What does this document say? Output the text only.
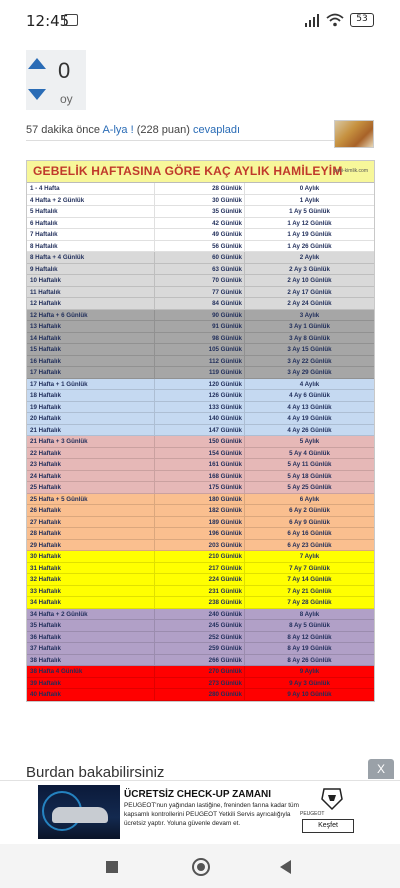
12:45	53
0
oy
57 dakika önce A-lya ! (228 puan) cevapladı
GEBELİK HAFTASINA GÖRE KAÇ AYLIK HAMİLEYİM
yeni-kimlik.com
1 - 4 Hafta	28 Günlük	0 Aylık
4 Hafta + 2 Günlük	30 Günlük	1 Aylık
5 Haftalık	35 Günlük	1 Ay 5 Günlük
6 Haftalık	42 Günlük	1 Ay 12 Günlük
7 Haftalık	49 Günlük	1 Ay 19 Günlük
8 Haftalık	56 Günlük	1 Ay 26 Günlük
8 Hafta + 4 Günlük	60 Günlük	2 Aylık
9 Haftalık	63 Günlük	2 Ay 3 Günlük
10 Haftalık	70 Günlük	2 Ay 10 Günlük
11 Haftalık	77 Günlük	2 Ay 17 Günlük
12 Haftalık	84 Günlük	2 Ay 24 Günlük
12 Hafta + 6 Günlük	90 Günlük	3 Aylık
13 Haftalık	91 Günlük	3 Ay 1 Günlük
14 Haftalık	98 Günlük	3 Ay 8 Günlük
15 Haftalık	105 Günlük	3 Ay 15 Günlük
16 Haftalık	112 Günlük	3 Ay 22 Günlük
17 Haftalık	119 Günlük	3 Ay 29 Günlük
17 Hafta + 1 Günlük	120 Günlük	4 Aylık
18 Haftalık	126 Günlük	4 Ay 6 Günlük
19 Haftalık	133 Günlük	4 Ay 13 Günlük
20 Haftalık	140 Günlük	4 Ay 19 Günlük
21 Haftalık	147 Günlük	4 Ay 26 Günlük
21 Hafta + 3 Günlük	150 Günlük	5 Aylık
22 Haftalık	154 Günlük	5 Ay 4 Günlük
23 Haftalık	161 Günlük	5 Ay 11 Günlük
24 Haftalık	168 Günlük	5 Ay 18 Günlük
25 Haftalık	175 Günlük	5 Ay 25 Günlük
25 Hafta + 5 Günlük	180 Günlük	6 Aylık
26 Haftalık	182 Günlük	6 Ay 2 Günlük
27 Haftalık	189 Günlük	6 Ay 9 Günlük
28 Haftalık	196 Günlük	6 Ay 16 Günlük
29 Haftalık	203 Günlük	6 Ay 23 Günlük
30 Haftalık	210 Günlük	7 Aylık
31 Haftalık	217 Günlük	7 Ay 7 Günlük
32 Haftalık	224 Günlük	7 Ay 14 Günlük
33 Haftalık	231 Günlük	7 Ay 21 Günlük
34 Haftalık	238 Günlük	7 Ay 28 Günlük
34 Hafta + 2 Günlük	240 Günlük	8 Aylık
35 Haftalık	245 Günlük	8 Ay 5 Günlük
36 Haftalık	252 Günlük	8 Ay 12 Günlük
37 Haftalık	259 Günlük	8 Ay 19 Günlük
38 Haftalık	266 Günlük	8 Ay 26 Günlük
38 Hafta 4 Günlük	270 Günlük	9 Aylık
39 Haftalık	273 Günlük	9 Ay 3 Günlük
40 Haftalık	280 Günlük	9 Ay 10 Günlük
Burdan bakabilirsiniz	X
ÜCRETSİZ CHECK-UP ZAMANI
PEUGEOT'nun yağından lastiğine, freninden farına kadar tüm kapsamlı kontrollerini PEUGEOT Yetkili Servis ayrıcalığıyla ücretsiz yaptır. Yoluna güvenle devam et.
PEUGEOT
Keşfet
